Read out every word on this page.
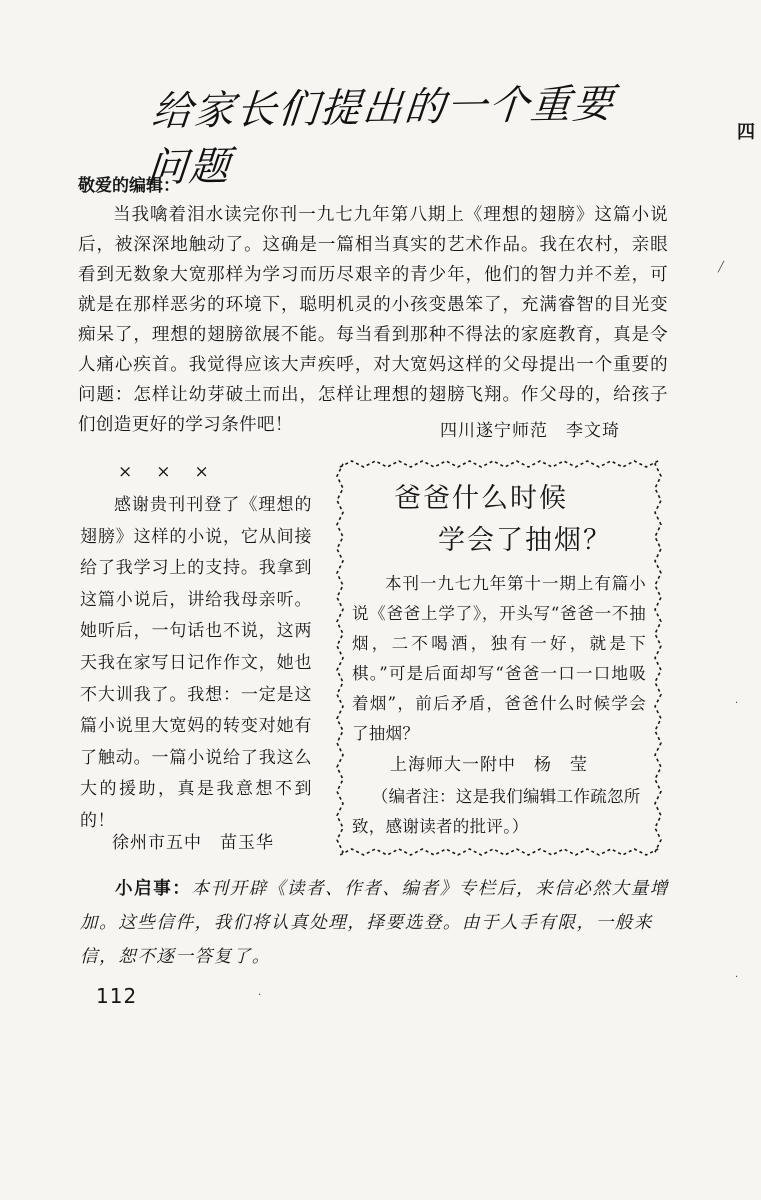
给家长们提出的一个重要问题
四
敬爱的编辑：

当我噙着泪水读完你刊一九七九年第八期上《理想的翅膀》这篇小说后，被深深地触动了。这确是一篇相当真实的艺术作品。我在农村，亲眼看到无数象大宽那样为学习而历尽艰辛的青少年，他们的智力并不差，可就是在那样恶劣的环境下，聪明机灵的小孩变愚笨了，充满睿智的目光变痴呆了，理想的翅膀欲展不能。每当看到那种不得法的家庭教育，真是令人痛心疾首。我觉得应该大声疾呼，对大宽妈这样的父母提出一个重要的问题：怎样让幼芽破土而出，怎样让理想的翅膀飞翔。作父母的，给孩子们创造更好的学习条件吧！	四川遂宁师范　李文琦
×××

感谢贵刊刊登了《理想的翅膀》这样的小说，它从间接给了我学习上的支持。我拿到这篇小说后，讲给我母亲听。她听后，一句话也不说，这两天我在家写日记作作文，她也不大训我了。我想：一定是这篇小说里大宽妈的转变对她有了触动。一篇小说给了我这么大的援助，真是我意想不到的！

徐州市五中　苗玉华
爸爸什么时候
学会了抽烟？

本刊一九七九年第十一期上有篇小说《爸爸上学了》，开头写“爸爸一不抽烟，二不喝酒，独有一好，就是下棋。”可是后面却写“爸爸一口一口地吸着烟”，前后矛盾，爸爸什么时候学会了抽烟？

上海师大一附中　杨　莹

（编者注：这是我们编辑工作疏忽所致，感谢读者的批评。）

小启事：本刊开辟《读者、作者、编者》专栏后，来信必然大量增加。这些信件，我们将认真处理，择要选登。由于人手有限，一般来信，恕不逐一答复了。

112
╱
·
·
·
